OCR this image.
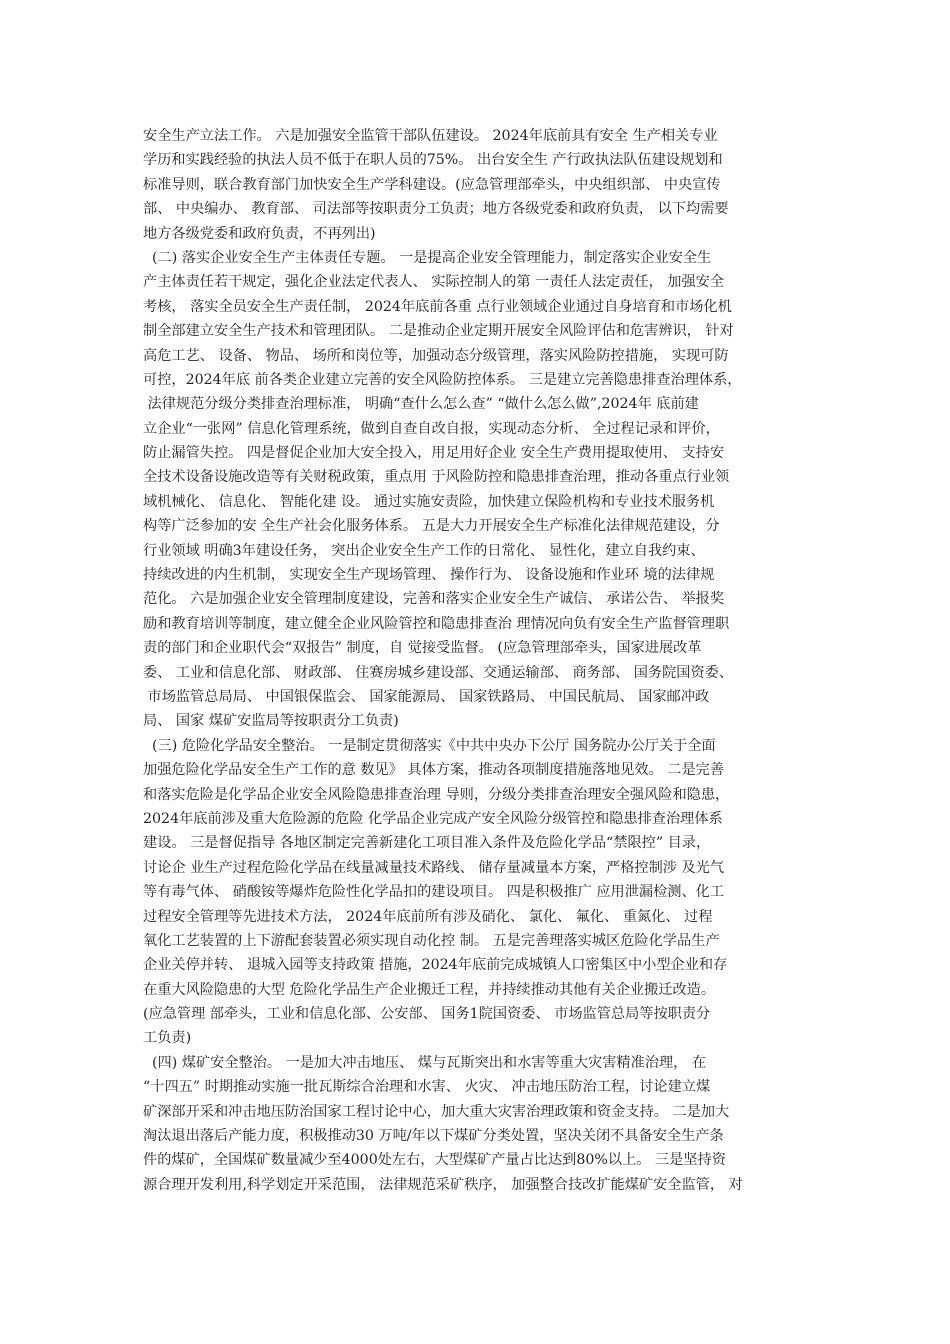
安全生产立法工作。 六是加强安全监管干部队伍建设。 2024年底前具有安全 生产相关专业
学历和实践经验的执法人员不低于在职人员的75%。 出台安全生 产行政执法队伍建设规划和
标准导则，联合教育部门加快安全生产学科建设。(应急管理部牵头，中央组织部、 中央宣传
部、 中央编办、 教育部、 司法部等按职责分工负责；地方各级党委和政府负责， 以下均需要
地方各级党委和政府负责，不再列出)
(二) 落实企业安全生产主体责任专题。 一是提高企业安全管理能力，制定落实企业安全生
产主体责任若干规定，强化企业法定代表人、 实际控制人的第 一责任人法定责任， 加强安全
考核， 落实全员安全生产责任制， 2024年底前各重 点行业领域企业通过自身培育和市场化机
制全部建立安全生产技术和管理团队。 二是推动企业定期开展安全风险评估和危害辨识， 针对
高危工艺、 设备、 物品、 场所和岗位等，加强动态分级管理，落实风险防控措施， 实现可防
可控，2024年底 前各类企业建立完善的安全风险防控体系。 三是建立完善隐患排查治理体系，
法律规范分级分类排查治理标准， 明确“查什么怎么查” “做什么怎么做”,2024年 底前建
立企业“一张网” 信息化管理系统，做到自查自改自报，实现动态分析、 全过程记录和评价，
防止漏管失控。 四是督促企业加大安全投入，用足用好企业 安全生产费用提取使用、 支持安
全技术设备设施改造等有关财税政策，重点用 于风险防控和隐患排查治理，推动各重点行业领
域机械化、 信息化、 智能化建 设。 通过实施安责险，加快建立保险机构和专业技术服务机
构等广泛参加的安 全生产社会化服务体系。 五是大力开展安全生产标准化法律规范建设，分
行业领域 明确3年建设任务， 突出企业安全生产工作的日常化、 显性化，建立自我约束、
持续改进的内生机制， 实现安全生产现场管理、 操作行为、 设备设施和作业环 境的法律规
范化。 六是加强企业安全管理制度建设，完善和落实企业安全生产诚信、 承诺公告、 举报奖
励和教育培训等制度，建立健全企业风险管控和隐患排查治 理情况向负有安全生产监督管理职
责的部门和企业职代会“双报告” 制度，自 觉接受监督。 (应急管理部牵头，国家进展改革
委、 工业和信息化部、 财政部、 住赛房城乡建设部、交通运输部、 商务部、 国务院国资委、
市场监管总局局、 中国银保监会、 国家能源局、 国家铁路局、 中国民航局、 国家邮冲政
局、 国家 煤矿安监局等按职责分工负责)
(三) 危险化学品安全整治。 一是制定贯彻落实《中共中央办下公厅 国务院办公厅关于全面
加强危险化学品安全生产工作的意 数见》 具体方案，推动各项制度措施落地见效。 二是完善
和落实危险是化学品企业安全风险隐患排查治理 导则，分级分类排查治理安全强风险和隐患，
2024年底前涉及重大危险源的危险 化学品企业完成产安全风险分级管控和隐患排查治理体系
建设。 三是督促指导 各地区制定完善新建化工项目准入条件及危险化学品“禁限控” 目录，
讨论企 业生产过程危险化学品在线量减量技术路线、 储存量减量本方案，严格控制涉 及光气
等有毒气体、 硝酸铵等爆炸危险性化学品扣的建设项目。 四是积极推广 应用泄漏检测、化工
过程安全管理等先进技术方法， 2024年底前所有涉及硝化、 氯化、 氟化、 重氮化、 过程
氧化工艺装置的上下游配套装置必须实现自动化控 制。 五是完善理落实城区危险化学品生产
企业关停并转、 退城入园等支持政策 措施，2024年底前完成城镇人口密集区中小型企业和存
在重大风险隐患的大型 危险化学品生产企业搬迁工程，并持续推动其他有关企业搬迁改造。
(应急管理 部牵头，工业和信息化部、公安部、 国务1院国资委、 市场监管总局等按职责分
工负责)
(四) 煤矿安全整治。 一是加大冲击地压、 煤与瓦斯突出和水害等重大灾害精准治理， 在
“十四五” 时期推动实施一批瓦斯综合治理和水害、 火灾、 冲击地压防治工程，讨论建立煤
矿深部开采和冲击地压防治国家工程讨论中心，加大重大灾害治理政策和资金支持。 二是加大
淘汰退出落后产能力度，积极推动30 万吨/年以下煤矿分类处置，坚决关闭不具备安全生产条
件的煤矿，全国煤矿数量减少至4000处左右，大型煤矿产量占比达到80%以上。 三是坚持资
源合理开发利用,科学划定开采范围， 法律规范采矿秩序， 加强整合技改扩能煤矿安全监管， 对
